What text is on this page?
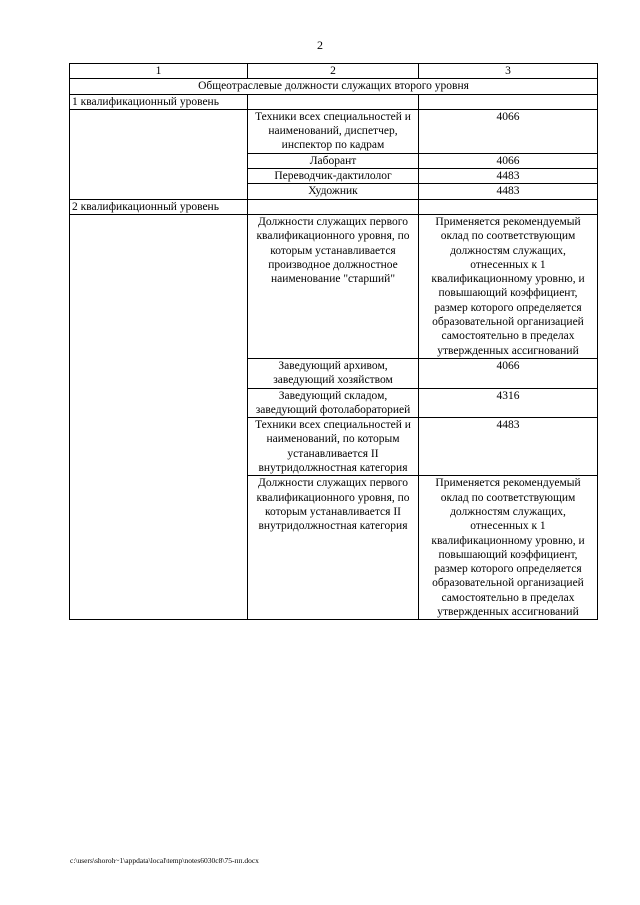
2
1	2	3
Общеотраслевые должности служащих второго уровня		
1 квалификационный уровень		
	Техники всех специальностей и наименований, диспетчер, инспектор по кадрам	4066
	Лаборант	4066
	Переводчик-дактилолог	4483
	Художник	4483
2 квалификационный уровень		
	Должности служащих первого квалификационного уровня, по которым устанавливается производное должностное наименование "старший"	Применяется рекомендуемый оклад по соответствующим должностям служащих, отнесенных к 1 квалификационному уровню, и повышающий коэффициент, размер которого определяется образовательной организацией самостоятельно в пределах утвержденных ассигнований
	Заведующий архивом, заведующий хозяйством	4066
	Заведующий складом, заведующий фотолабораторией	4316
	Техники всех специальностей и наименований, по которым устанавливается II внутридолжностная категория	4483
	Должности служащих первого квалификационного уровня, по которым устанавливается II внутридолжностная категория	Применяется рекомендуемый оклад по соответствующим должностям служащих, отнесенных к 1 квалификационному уровню, и повышающий коэффициент, размер которого определяется образовательной организацией самостоятельно в пределах утвержденных ассигнований
c:\users\shoroh~1\appdata\local\temp\notes6030c8\75-пп.docx
